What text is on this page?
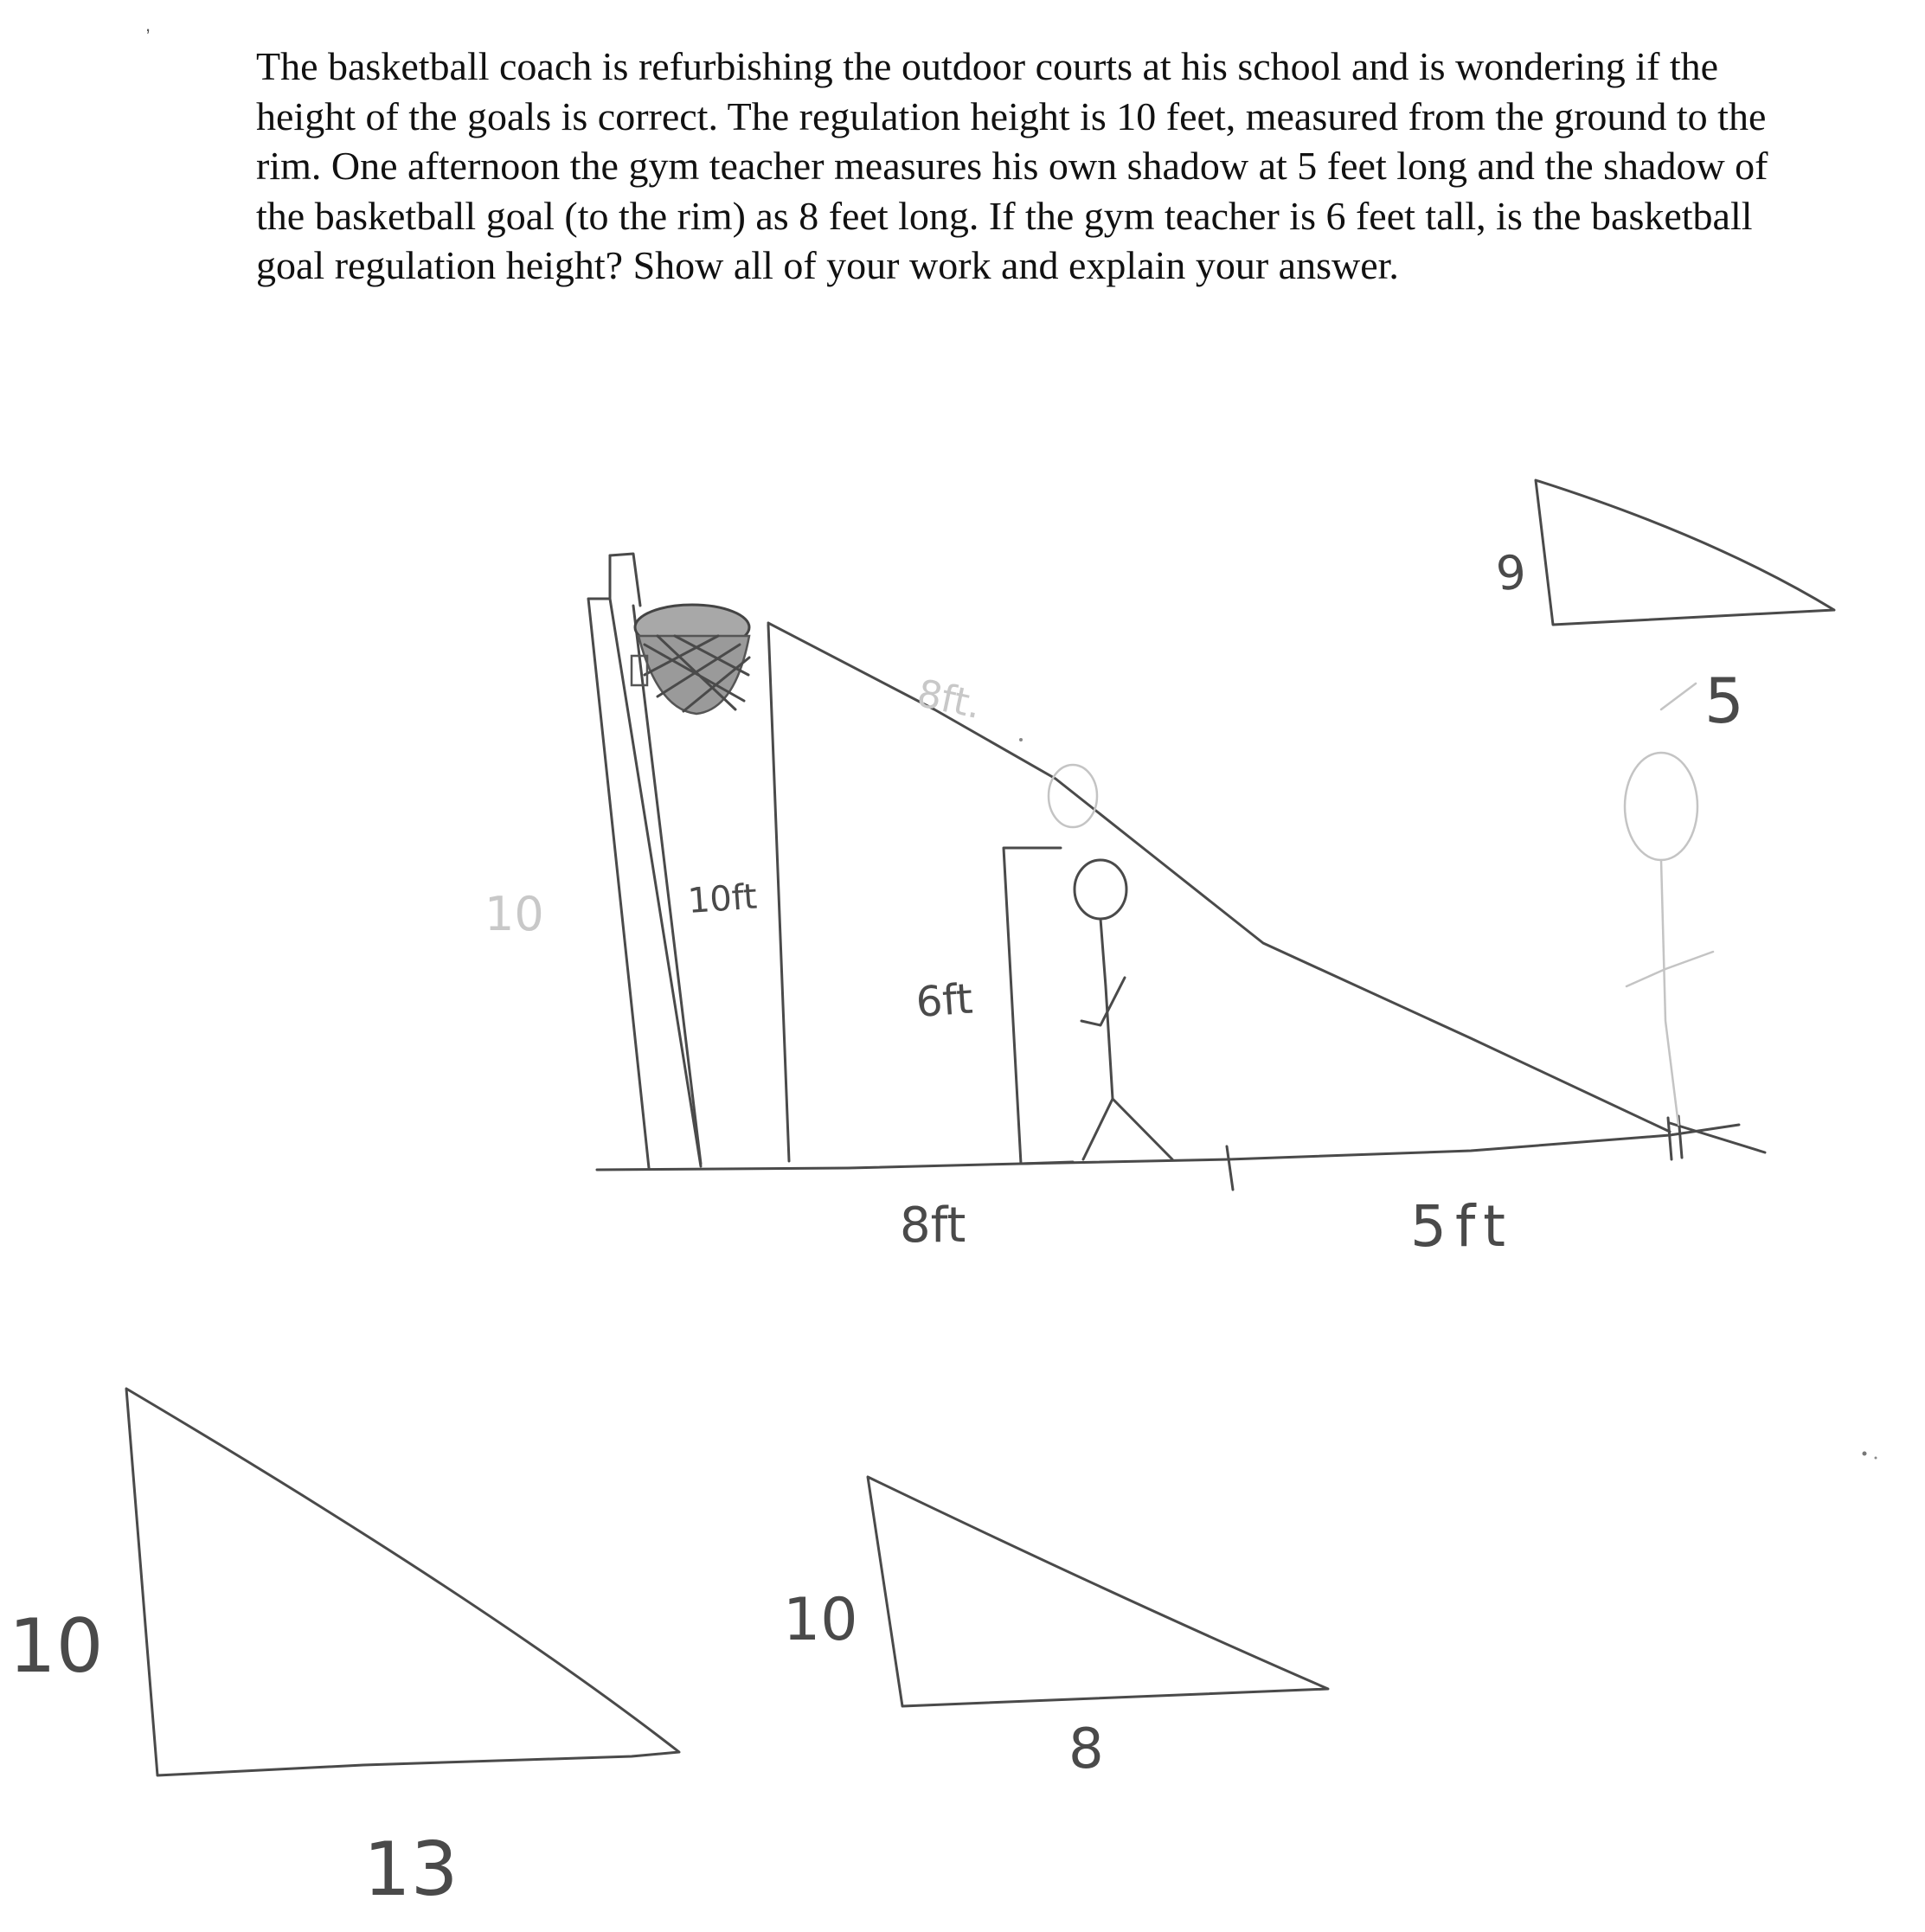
,
The basketball coach is refurbishing the outdoor courts at his school and is wondering if the
height of the goals is correct. The regulation height is 10 feet, measured from the ground to the
rim. One afternoon the gym teacher measures his own shadow at 5 feet long and the shadow of
the basketball goal (to the rim) as 8 feet long. If the gym teacher is 6 feet tall, is the basketball
goal regulation height? Show all of your work and explain your answer.
10ft
10
8ft.
6ft
8ft	5ft
6
5
10
13
10
8
